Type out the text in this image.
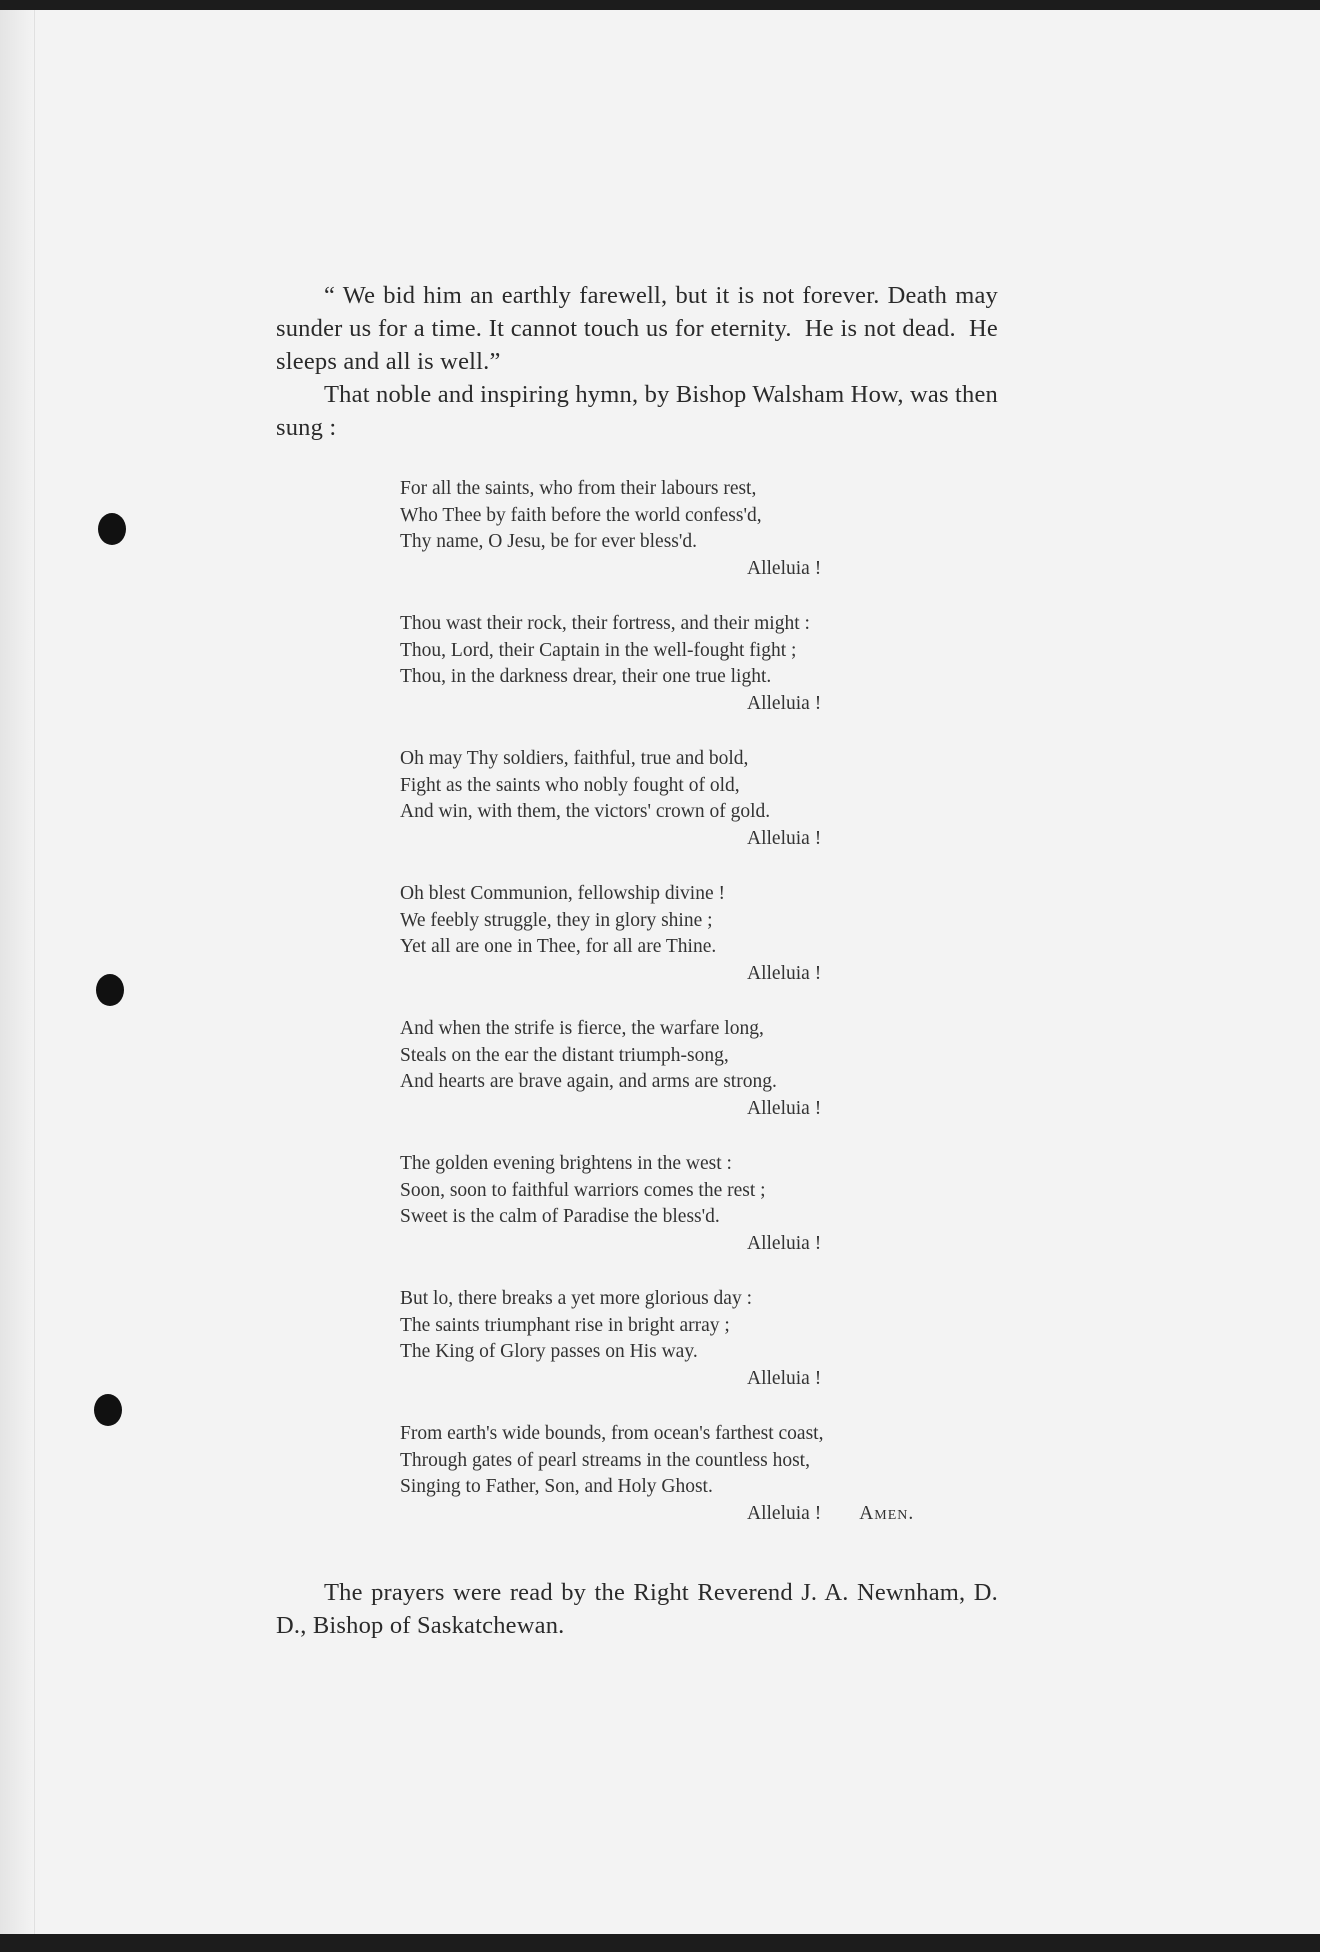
“ We bid him an earthly farewell, but it is not forever. Death may sunder us for a time. It cannot touch us for eternity.  He is not dead.  He sleeps and all is well.”

That noble and inspiring hymn, by Bishop Walsham How, was then sung :

For all the saints, who from their labours rest,
Who Thee by faith before the world confess'd,
Thy name, O Jesu, be for ever bless'd.
Alleluia !
Thou wast their rock, their fortress, and their might :
Thou, Lord, their Captain in the well-fought fight ;
Thou, in the darkness drear, their one true light.
Alleluia !
Oh may Thy soldiers, faithful, true and bold,
Fight as the saints who nobly fought of old,
And win, with them, the victors' crown of gold.
Alleluia !
Oh blest Communion, fellowship divine !
We feebly struggle, they in glory shine ;
Yet all are one in Thee, for all are Thine.
Alleluia !
And when the strife is fierce, the warfare long,
Steals on the ear the distant triumph-song,
And hearts are brave again, and arms are strong.
Alleluia !
The golden evening brightens in the west :
Soon, soon to faithful warriors comes the rest ;
Sweet is the calm of Paradise the bless'd.
Alleluia !
But lo, there breaks a yet more glorious day :
The saints triumphant rise in bright array ;
The King of Glory passes on His way.
Alleluia !
From earth's wide bounds, from ocean's farthest coast,
Through gates of pearl streams in the countless host,
Singing to Father, Son, and Holy Ghost.
Alleluia ! Amen.

The prayers were read by the Right Reverend J. A. Newnham, D. D., Bishop of Saskatchewan.
